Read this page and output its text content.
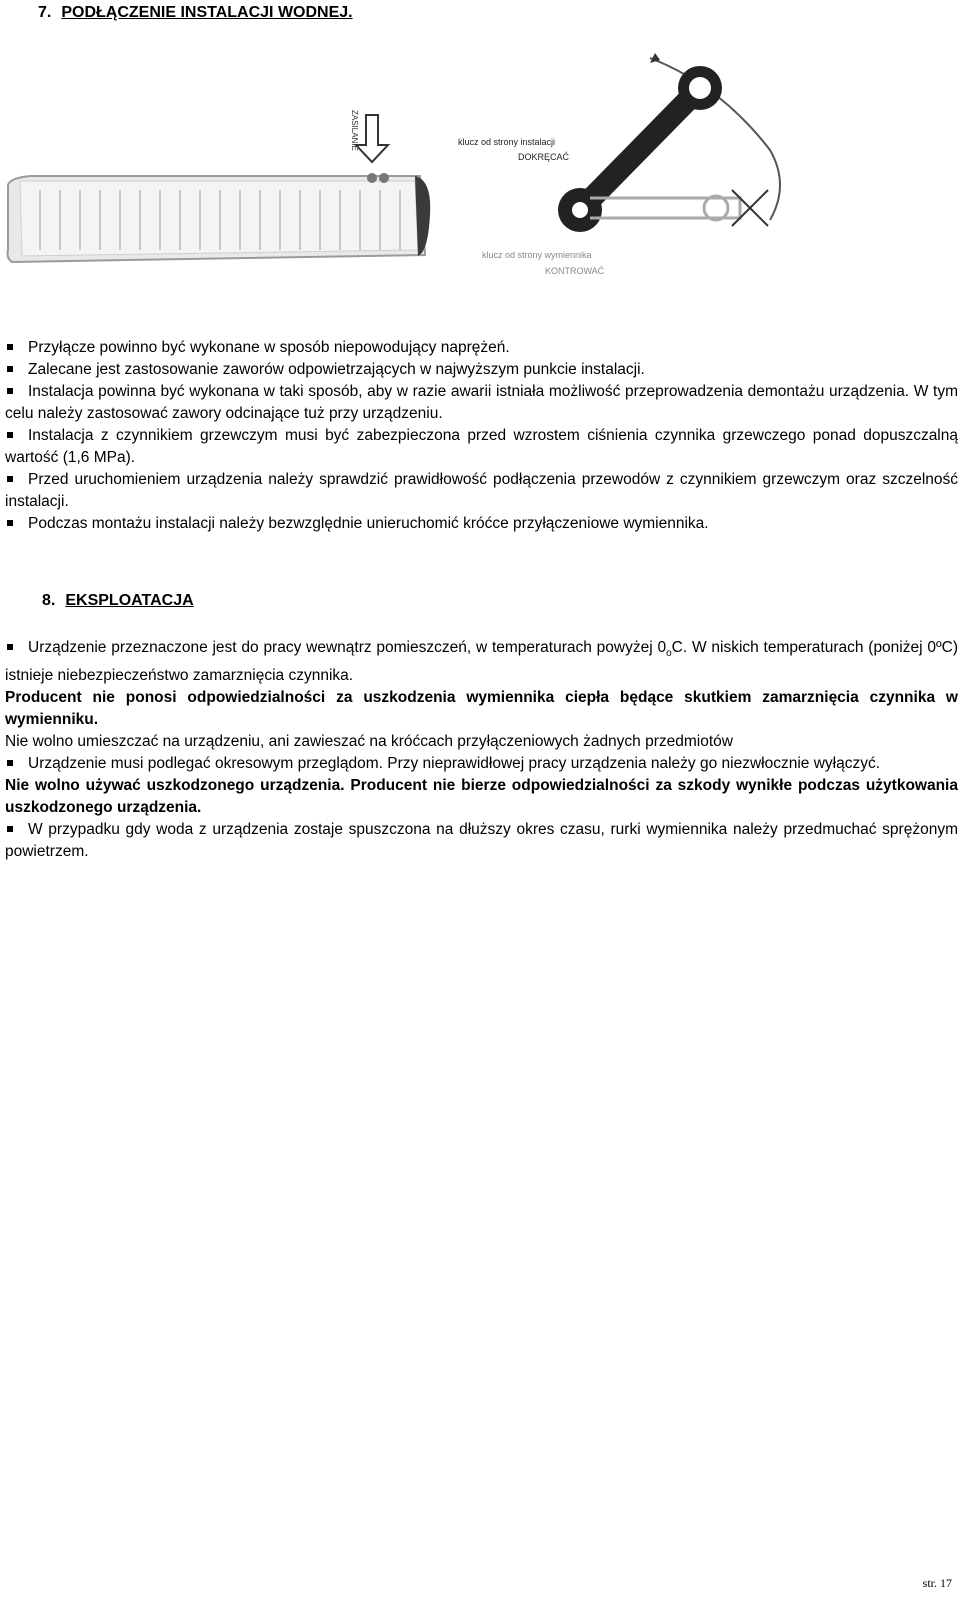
7. PODŁĄCZENIE INSTALACJI WODNEJ.
ZASILANIE	klucz od strony instalacji
DOKRĘCAĆ
klucz od strony wymiennika
KONTROWAĆ

Przyłącze powinno być wykonane w sposób niepowodujący naprężeń.

Zalecane jest zastosowanie zaworów odpowietrzających w najwyższym punkcie instalacji.

Instalacja powinna być wykonana w taki sposób, aby w razie awarii istniała możliwość przeprowadzenia demontażu urządzenia. W tym celu należy zastosować zawory odcinające tuż przy urządzeniu.

Instalacja z czynnikiem grzewczym musi być zabezpieczona przed wzrostem ciśnienia czynnika grzewczego ponad dopuszczalną wartość (1,6 MPa).

Przed uruchomieniem urządzenia należy sprawdzić prawidłowość podłączenia przewodów z czynnikiem grzewczym oraz szczelność instalacji.

Podczas montażu instalacji należy bezwzględnie unieruchomić króćce przyłączeniowe wymiennika.

8. EKSPLOATACJA

Urządzenie przeznaczone jest do pracy wewnątrz pomieszczeń, w temperaturach powyżej $0_oC$. W niskich temperaturach (poniżej 0ºC) istnieje niebezpieczeństwo zamarznięcia czynnika.

Producent nie ponosi odpowiedzialności za uszkodzenia wymiennika ciepła będące skutkiem zamarznięcia czynnika w wymienniku.

Nie wolno umieszczać na urządzeniu, ani zawieszać na króćcach przyłączeniowych żadnych przedmiotów

Urządzenie musi podlegać okresowym przeglądom. Przy nieprawidłowej pracy urządzenia należy go niezwłocznie wyłączyć.

Nie wolno używać uszkodzonego urządzenia. Producent nie bierze odpowiedzialności za szkody wynikłe podczas użytkowania uszkodzonego urządzenia.

W przypadku gdy woda z urządzenia zostaje spuszczona na dłuższy okres czasu, rurki wymiennika należy przedmuchać sprężonym powietrzem.

str. 17
